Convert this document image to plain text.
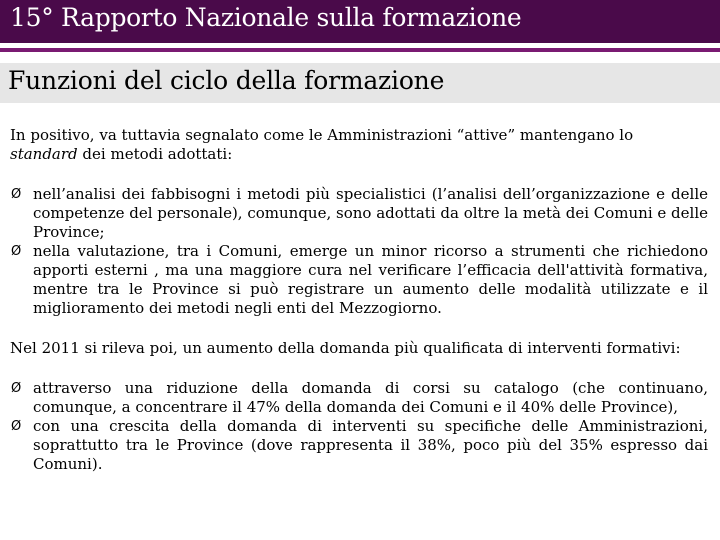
15° Rapporto Nazionale sulla formazione
Funzioni del ciclo della formazione

In positivo, va tuttavia segnalato come le Amministrazioni “attive” mantengano lo
standard dei metodi adottati:

Ø nell’analisi dei fabbisogni i metodi più specialistici (l’analisi dell’organizzazione e delle competenze del personale), comunque, sono adottati da oltre la metà dei Comuni e delle Province;
Ø nella valutazione, tra i Comuni, emerge un minor ricorso a strumenti che richiedono apporti esterni , ma una maggiore cura nel verificare l’efficacia dell'attività formativa, mentre tra le Province si può registrare un aumento delle modalità utilizzate e il miglioramento dei metodi negli enti del Mezzogiorno.

Nel 2011 si rileva poi, un aumento della domanda più qualificata di interventi formativi:

Ø attraverso una riduzione della domanda di corsi su catalogo (che continuano, comunque, a concentrare il 47% della domanda dei Comuni e il 40% delle Province),
Ø con una crescita della domanda di interventi su specifiche delle Amministrazioni, soprattutto tra le Province (dove rappresenta il 38%, poco più del 35% espresso dai Comuni).
